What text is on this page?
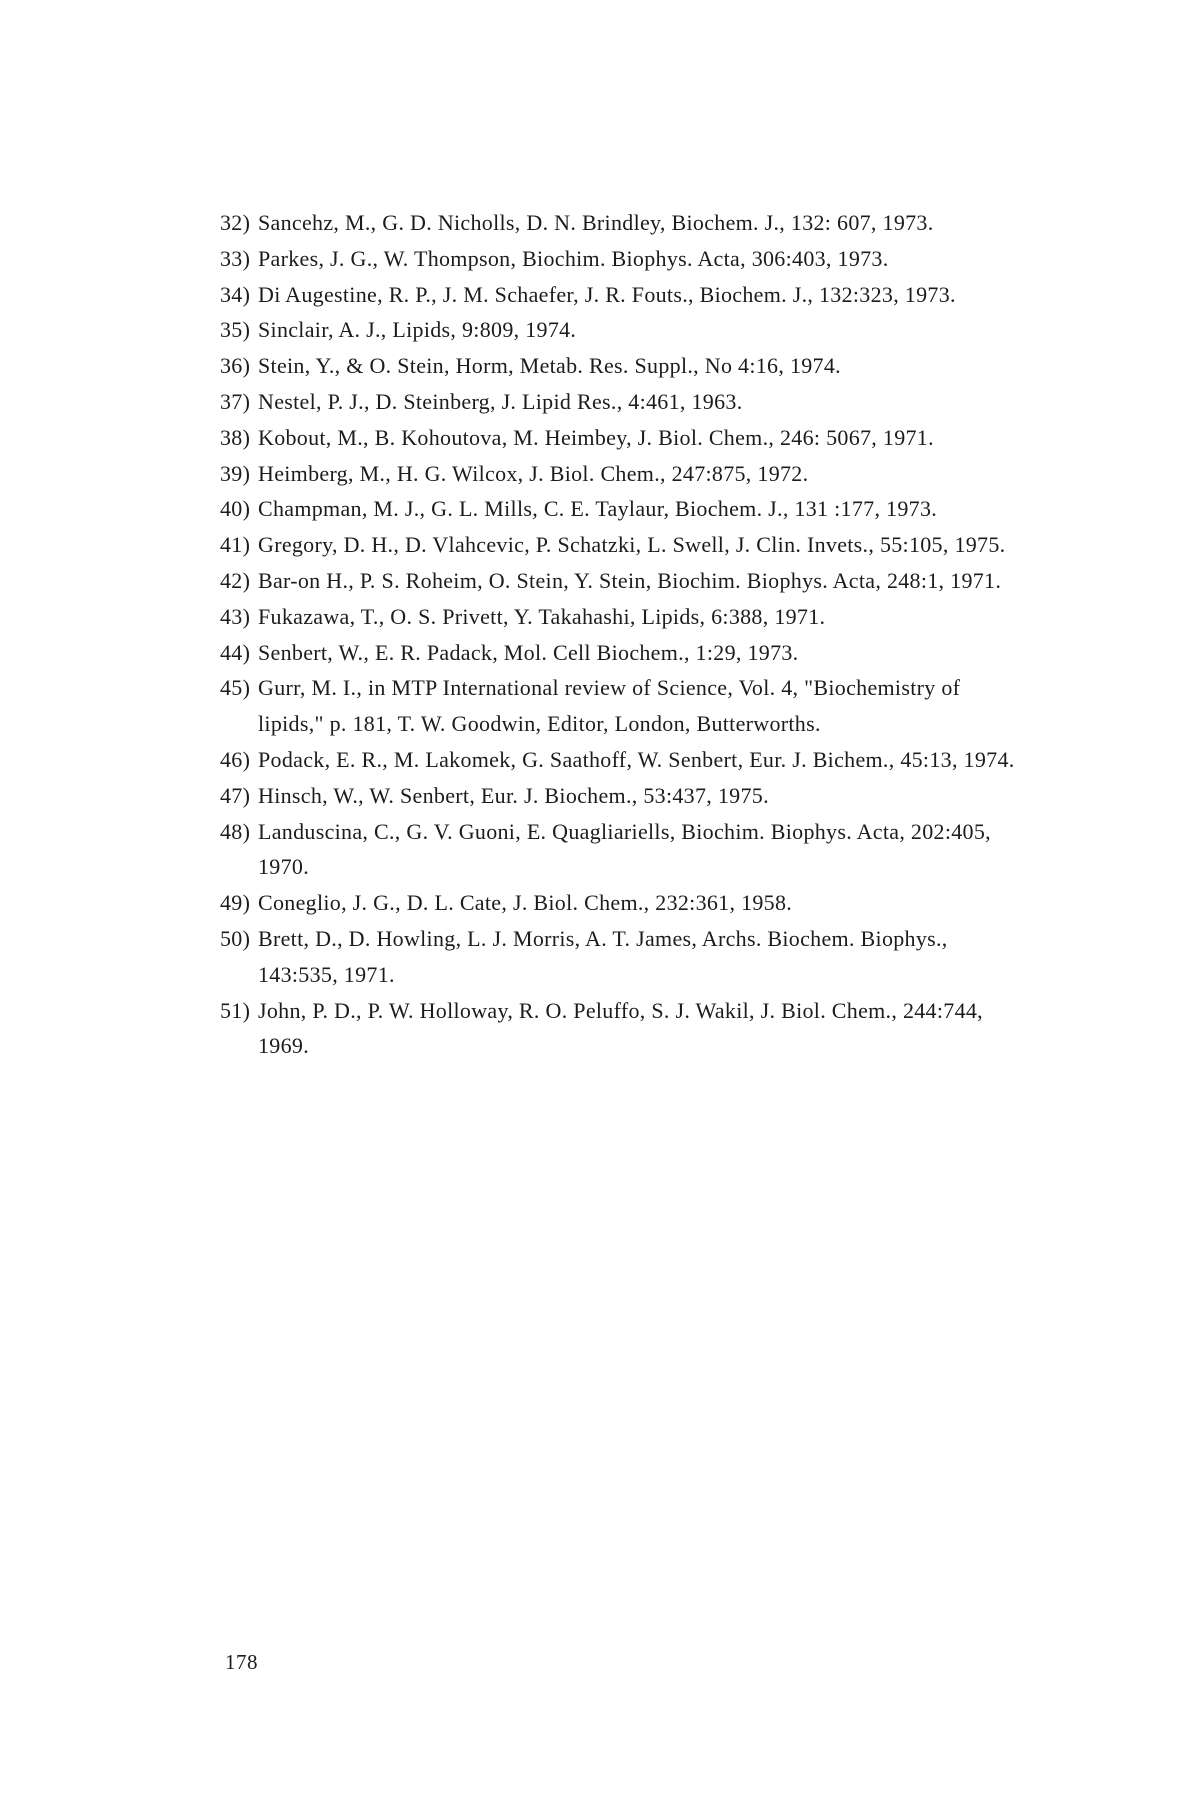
32) Sancehz, M., G. D. Nicholls, D. N. Brindley, Biochem. J., 132: 607, 1973.

33) Parkes, J. G., W. Thompson, Biochim. Biophys. Acta, 306:403, 1973.

34) Di Augestine, R. P., J. M. Schaefer, J. R. Fouts., Biochem. J., 132:323, 1973.

35) Sinclair, A. J., Lipids, 9:809, 1974.

36) Stein, Y., & O. Stein, Horm, Metab. Res. Suppl., No 4:16, 1974.

37) Nestel, P. J., D. Steinberg, J. Lipid Res., 4:461, 1963.

38) Kobout, M., B. Kohoutova, M. Heimbey, J. Biol. Chem., 246: 5067, 1971.

39) Heimberg, M., H. G. Wilcox, J. Biol. Chem., 247:875, 1972.

40) Champman, M. J., G. L. Mills, C. E. Taylaur, Biochem. J., 131 :177, 1973.

41) Gregory, D. H., D. Vlahcevic, P. Schatzki, L. Swell, J. Clin. Invets., 55:105, 1975.

42) Bar-on H., P. S. Roheim, O. Stein, Y. Stein, Biochim. Biophys. Acta, 248:1, 1971.

43) Fukazawa, T., O. S. Privett, Y. Takahashi, Lipids, 6:388, 1971.

44) Senbert, W., E. R. Padack, Mol. Cell Biochem., 1:29, 1973.

45) Gurr, M. I., in MTP International review of Science, Vol. 4, "Biochemistry of lipids," p. 181, T. W. Goodwin, Editor, London, Butterworths.

46) Podack, E. R., M. Lakomek, G. Saathoff, W. Senbert, Eur. J. Bichem., 45:13, 1974.

47) Hinsch, W., W. Senbert, Eur. J. Biochem., 53:437, 1975.

48) Landuscina, C., G. V. Guoni, E. Quagliariells, Biochim. Biophys. Acta, 202:405, 1970.

49) Coneglio, J. G., D. L. Cate, J. Biol. Chem., 232:361, 1958.

50) Brett, D., D. Howling, L. J. Morris, A. T. James, Archs. Biochem. Biophys., 143:535, 1971.

51) John, P. D., P. W. Holloway, R. O. Peluffo, S. J. Wakil, J. Biol. Chem., 244:744, 1969.

178
